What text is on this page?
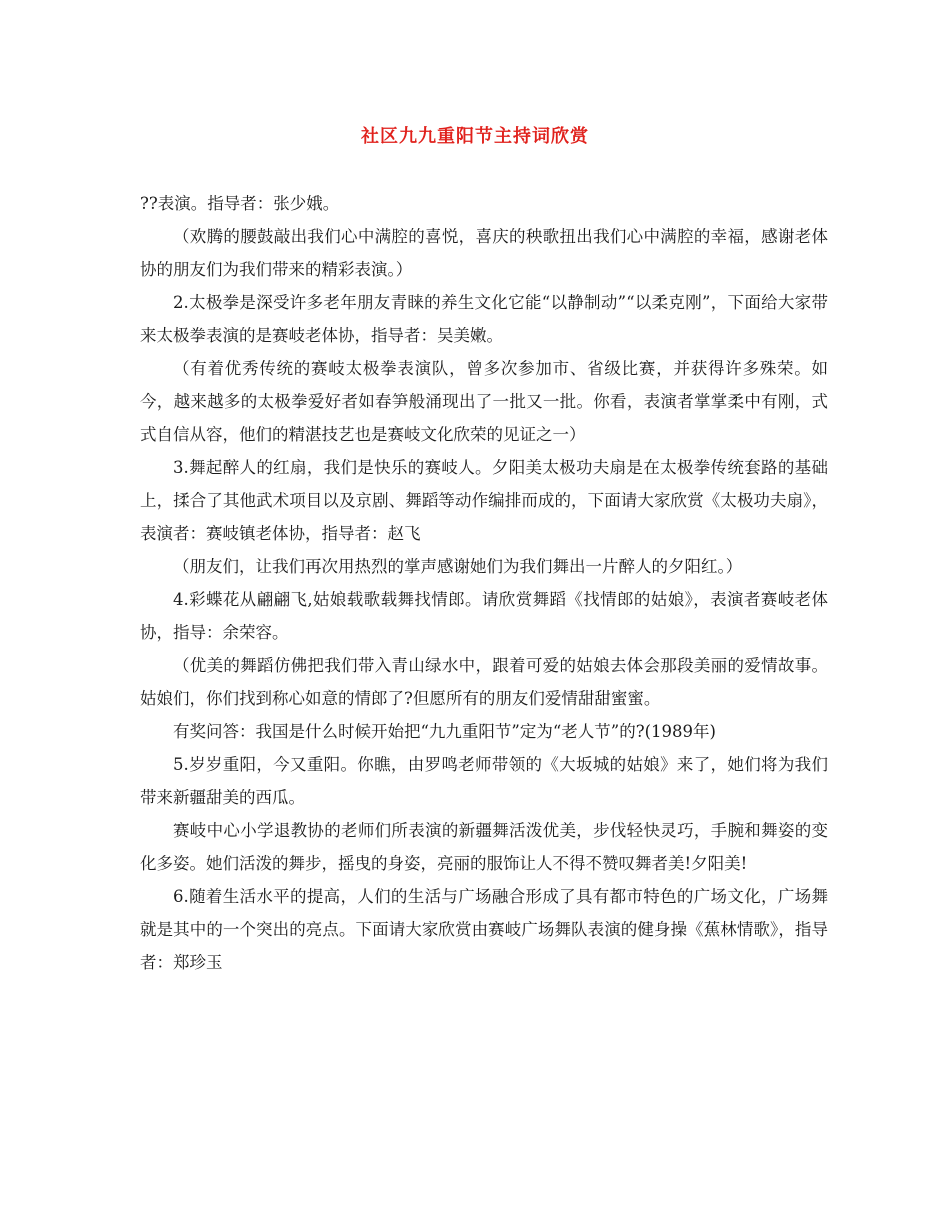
社区九九重阳节主持词欣赏

??表演。指导者：张少娥。

（欢腾的腰鼓敲出我们心中满腔的喜悦，喜庆的秧歌扭出我们心中满腔的幸福，感谢老体协的朋友们为我们带来的精彩表演。）

2.太极拳是深受许多老年朋友青睐的养生文化它能“以静制动”“以柔克刚”，下面给大家带来太极拳表演的是赛岐老体协，指导者：吴美嫩。

（有着优秀传统的赛岐太极拳表演队，曾多次参加市、省级比赛，并获得许多殊荣。如今，越来越多的太极拳爱好者如春笋般涌现出了一批又一批。你看，表演者掌掌柔中有刚，式式自信从容，他们的精湛技艺也是赛岐文化欣荣的见证之一）

3.舞起醉人的红扇，我们是快乐的赛岐人。夕阳美太极功夫扇是在太极拳传统套路的基础上，揉合了其他武术项目以及京剧、舞蹈等动作编排而成的，下面请大家欣赏《太极功夫扇》，表演者：赛岐镇老体协，指导者：赵飞

（朋友们，让我们再次用热烈的掌声感谢她们为我们舞出一片醉人的夕阳红。）

4.彩蝶花从翩翩飞,姑娘载歌载舞找情郎。请欣赏舞蹈《找情郎的姑娘》，表演者赛岐老体协，指导：余荣容。

（优美的舞蹈仿佛把我们带入青山绿水中，跟着可爱的姑娘去体会那段美丽的爱情故事。姑娘们，你们找到称心如意的情郎了?但愿所有的朋友们爱情甜甜蜜蜜。

有奖问答：我国是什么时候开始把“九九重阳节”定为“老人节”的?(1989年)

5.岁岁重阳，今又重阳。你瞧，由罗鸣老师带领的《大坂城的姑娘》来了，她们将为我们带来新疆甜美的西瓜。

赛岐中心小学退教协的老师们所表演的新疆舞活泼优美，步伐轻快灵巧，手腕和舞姿的变化多姿。她们活泼的舞步，摇曳的身姿，亮丽的服饰让人不得不赞叹舞者美!夕阳美!

6.随着生活水平的提高，人们的生活与广场融合形成了具有都市特色的广场文化，广场舞就是其中的一个突出的亮点。下面请大家欣赏由赛岐广场舞队表演的健身操《蕉林情歌》，指导者：郑珍玉
